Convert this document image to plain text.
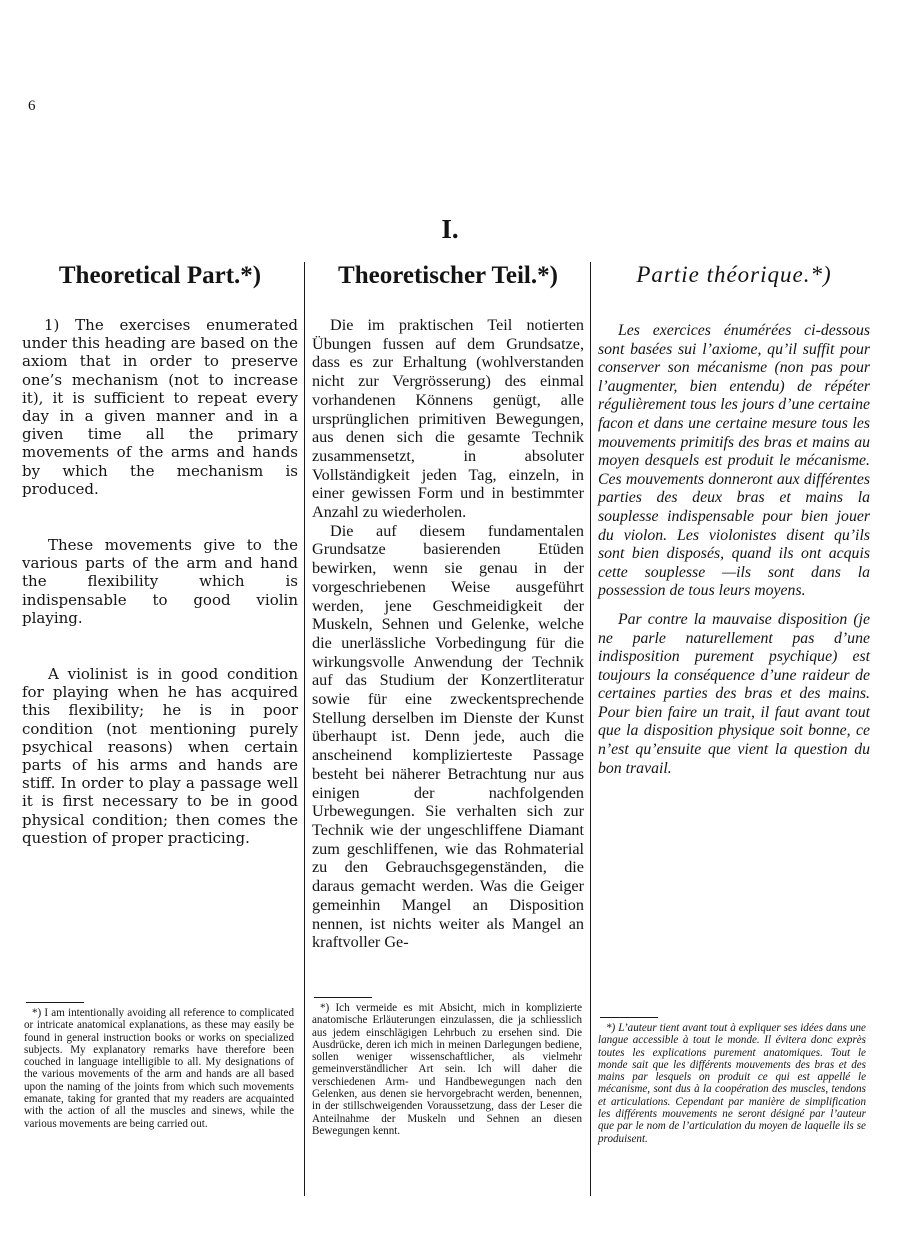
6
I.
Theoretical Part.*)

1) The exercises enumerated under this heading are based on the axiom that in order to preserve one’s mechanism (not to increase it), it is sufficient to repeat every day in a given manner and in a given time all the primary movements of the arms and hands by which the mechanism is produced.

These movements give to the various parts of the arm and hand the flexibility which is indispensable to good violin playing.

A violinist is in good condition for playing when he has acquired this flexibility; he is in poor condition (not mentioning purely psychical reasons) when certain parts of his arms and hands are stiff. In order to play a passage well it is first necessary to be in good physical condition; then comes the question of proper practicing.

Theoretischer Teil.*)

Die im praktischen Teil notierten Übungen fussen auf dem Grundsatze, dass es zur Erhaltung (wohlverstanden nicht zur Vergrösserung) des einmal vorhandenen Könnens genügt, alle ursprünglichen primitiven Bewegungen, aus denen sich die gesamte Technik zusammensetzt, in absoluter Vollständigkeit jeden Tag, einzeln, in einer gewissen Form und in bestimmter Anzahl zu wiederholen.

Die auf diesem fundamentalen Grundsatze basierenden Etüden bewirken, wenn sie genau in der vorgeschriebenen Weise ausgeführt werden, jene Geschmeidigkeit der Muskeln, Sehnen und Gelenke, welche die unerlässliche Vorbedingung für die wirkungsvolle Anwendung der Technik auf das Studium der Konzertliteratur sowie für eine zweckentsprechende Stellung derselben im Dienste der Kunst überhaupt ist. Denn jede, auch die anscheinend komplizierteste Passage besteht bei näherer Betrachtung nur aus einigen der nachfolgenden Urbewegungen. Sie verhalten sich zur Technik wie der ungeschliffene Diamant zum geschliffenen, wie das Rohmaterial zu den Gebrauchsgegenständen, die daraus gemacht werden. Was die Geiger gemeinhin Mangel an Disposition nennen, ist nichts weiter als Mangel an kraftvoller Ge-

Partie théorique.*)

Les exercices énumérées ci-dessous sont basées sui l’axiome, qu’il suffit pour conserver son mécanisme (non pas pour l’augmenter, bien entendu) de répéter régulièrement tous les jours d’une certaine facon et dans une certaine mesure tous les mouvements primitifs des bras et mains au moyen desquels est produit le mécanisme. Ces mouvements donneront aux différentes parties des deux bras et mains la souplesse indispensable pour bien jouer du violon. Les violonistes disent qu’ils sont bien disposés, quand ils ont acquis cette souplesse —ils sont dans la possession de tous leurs moyens.

Par contre la mauvaise disposition (je ne parle naturellement pas d’une indisposition purement psychique) est toujours la conséquence d’une raideur de certaines parties des bras et des mains. Pour bien faire un trait, il faut avant tout que la disposition physique soit bonne, ce n’est qu’ensuite que vient la question du bon travail.

*) I am intentionally avoiding all reference to complicated or intricate anatomical explanations, as these may easily be found in general instruction books or works on specialized subjects. My explanatory remarks have therefore been couched in language intelligible to all. My designations of the various movements of the arm and hands are all based upon the naming of the joints from which such movements emanate, taking for granted that my readers are acquainted with the action of all the muscles and sinews, while the various movements are being carried out.

*) Ich vermeide es mit Absicht, mich in komplizierte anatomische Erläuterungen einzulassen, die ja schliesslich aus jedem einschlägigen Lehrbuch zu ersehen sind. Die Ausdrücke, deren ich mich in meinen Darlegungen bediene, sollen weniger wissenschaftlicher, als vielmehr gemeinverständlicher Art sein. Ich will daher die verschiedenen Arm- und Handbewegungen nach den Gelenken, aus denen sie hervorgebracht werden, benennen, in der stillschweigenden Voraussetzung, dass der Leser die Anteilnahme der Muskeln und Sehnen an diesen Bewegungen kennt.

*) L’auteur tient avant tout à expliquer ses idées dans une langue accessible à tout le monde. Il évitera donc exprès toutes les explications purement anatomiques. Tout le monde sait que les différents mouvements des bras et des mains par lesquels on produit ce qui est appellé le mécanisme, sont dus à la coopération des muscles, tendons et articulations. Cependant par manière de simplification les différents mouvements ne seront désigné par l’auteur que par le nom de l’articulation du moyen de laquelle ils se produisent.
